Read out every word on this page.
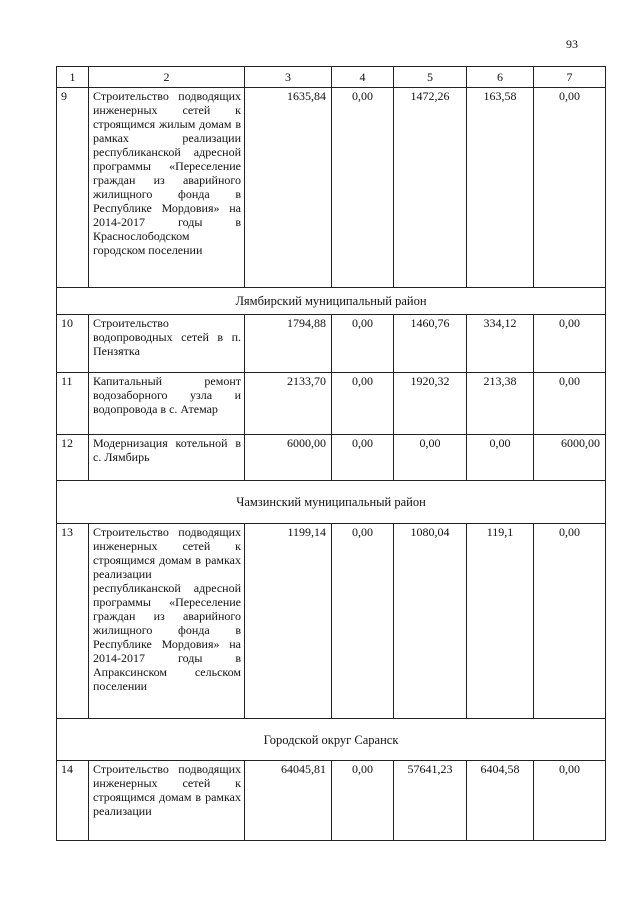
93
1	2	3	4	5	6	7
9	Строительство подводящих инженерных сетей к строящимся жилым домам в рамках реализации республиканской адресной программы «Переселение граждан из аварийного жилищного фонда в Республике Мордовия» на 2014-2017 годы в Краснослободском городском поселении	1635,84	0,00	1472,26	163,58	0,00
Лямбирский муниципальный район						
10	Строительство водопроводных сетей в п. Пензятка	1794,88	0,00	1460,76	334,12	0,00
11	Капитальный ремонт водозаборного узла и водопровода в с. Атемар	2133,70	0,00	1920,32	213,38	0,00
12	Модернизация котельной в с. Лямбирь	6000,00	0,00	0,00	0,00	6000,00
Чамзинский муниципальный район						
13	Строительство подводящих инженерных сетей к строящимся домам в рамках реализации республиканской адресной программы «Переселение граждан из аварийного жилищного фонда в Республике Мордовия» на 2014-2017 годы в Апраксинском сельском поселении	1199,14	0,00	1080,04	119,1	0,00
Городской округ Саранск						
14	Строительство подводящих инженерных сетей к строящимся домам в рамках реализации	64045,81	0,00	57641,23	6404,58	0,00
